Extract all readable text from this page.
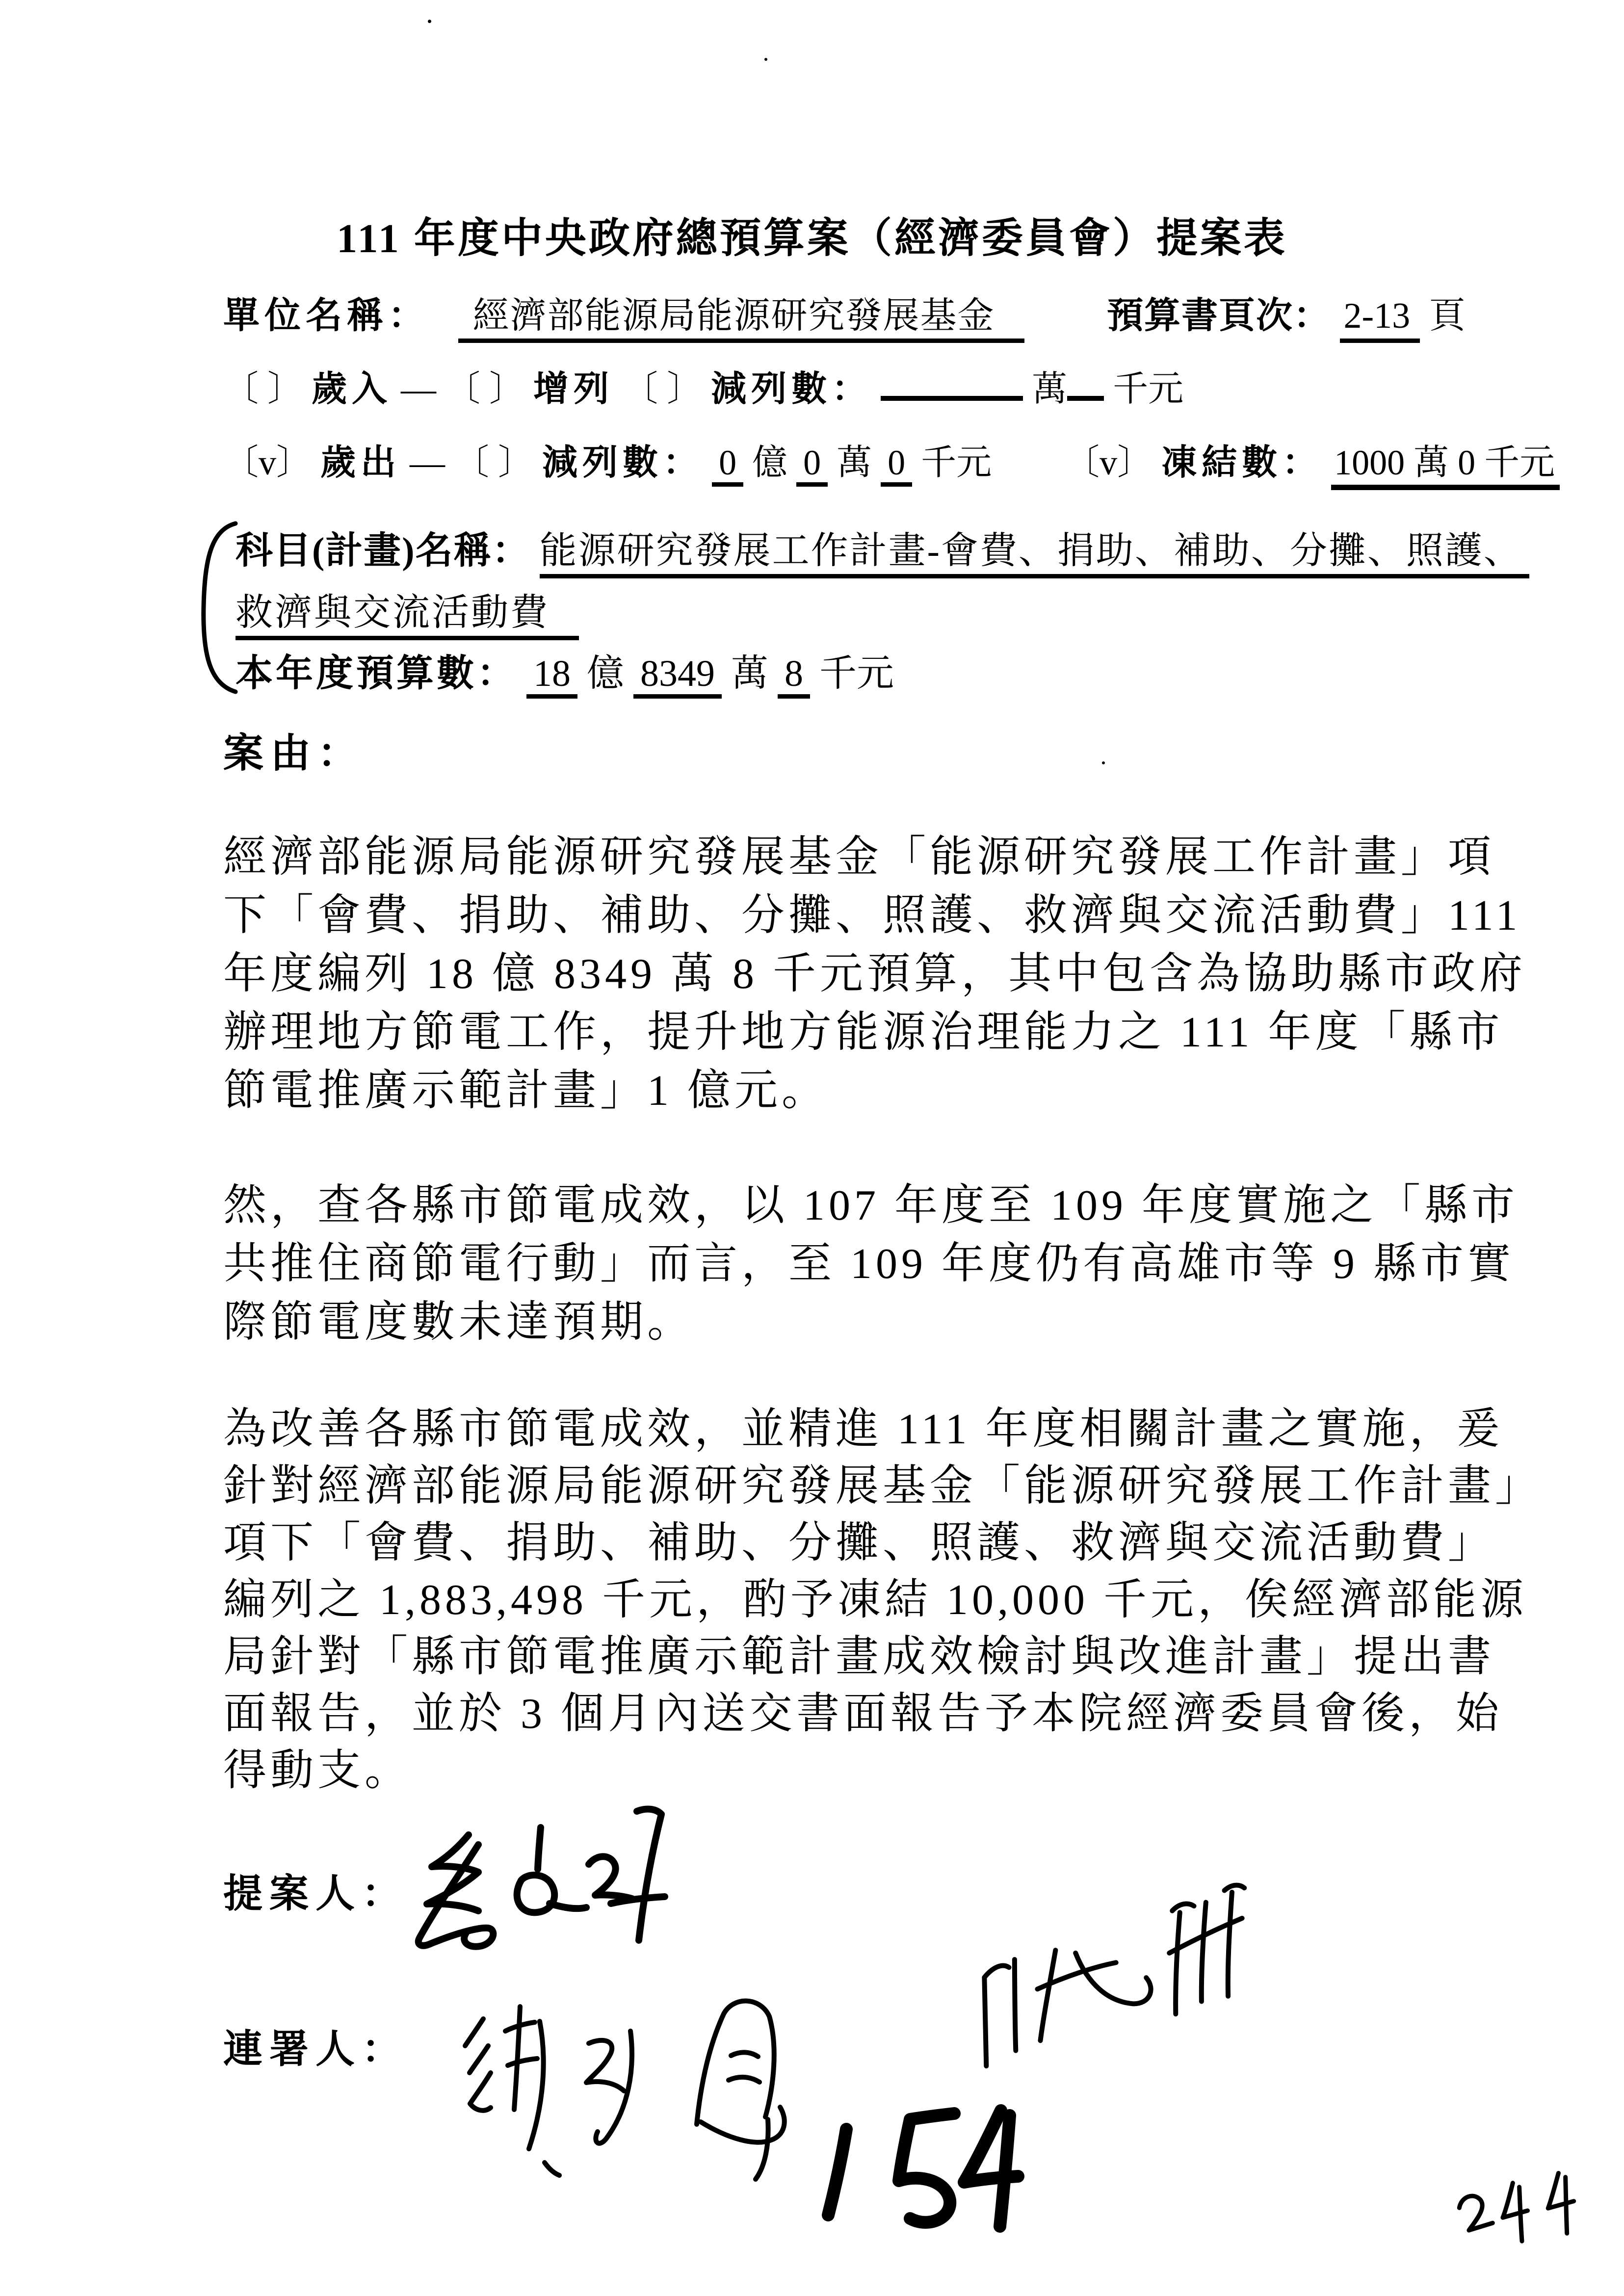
111 年度中央政府總預算案（經濟委員會）提案表
單位名稱： 經濟部能源局能源研究發展基金	預算書頁次： 2-13 頁
〔 〕 歲入 — 〔 〕 增列 〔 〕 減列數：	萬 千元
〔v〕 歲出 — 〔 〕 減列數： 0 億 0 萬 0 千元 〔v〕 凍結數： 1000 萬 0 千元
科目(計畫)名稱： 能源研究發展工作計畫-會費、捐助、補助、分攤、照護、
救濟與交流活動費
本年度預算數： 18 億 8349 萬 8 千元
案由：
經濟部能源局能源研究發展基金「能源研究發展工作計畫」項
下「會費、捐助、補助、分攤、照護、救濟與交流活動費」111
年度編列 18 億 8349 萬 8 千元預算，其中包含為協助縣市政府
辦理地方節電工作，提升地方能源治理能力之 111 年度「縣市
節電推廣示範計畫」1 億元。
然，查各縣市節電成效，以 107 年度至 109 年度實施之「縣市
共推住商節電行動」而言，至 109 年度仍有高雄市等 9 縣市實
際節電度數未達預期。
為改善各縣市節電成效，並精進 111 年度相關計畫之實施，爰
針對經濟部能源局能源研究發展基金「能源研究發展工作計畫」
項下「會費、捐助、補助、分攤、照護、救濟與交流活動費」
編列之 1,883,498 千元，酌予凍結 10,000 千元，俟經濟部能源
局針對「縣市節電推廣示範計畫成效檢討與改進計畫」提出書
面報告，並於 3 個月內送交書面報告予本院經濟委員會後，始
得動支。
提案人：
連署人：
